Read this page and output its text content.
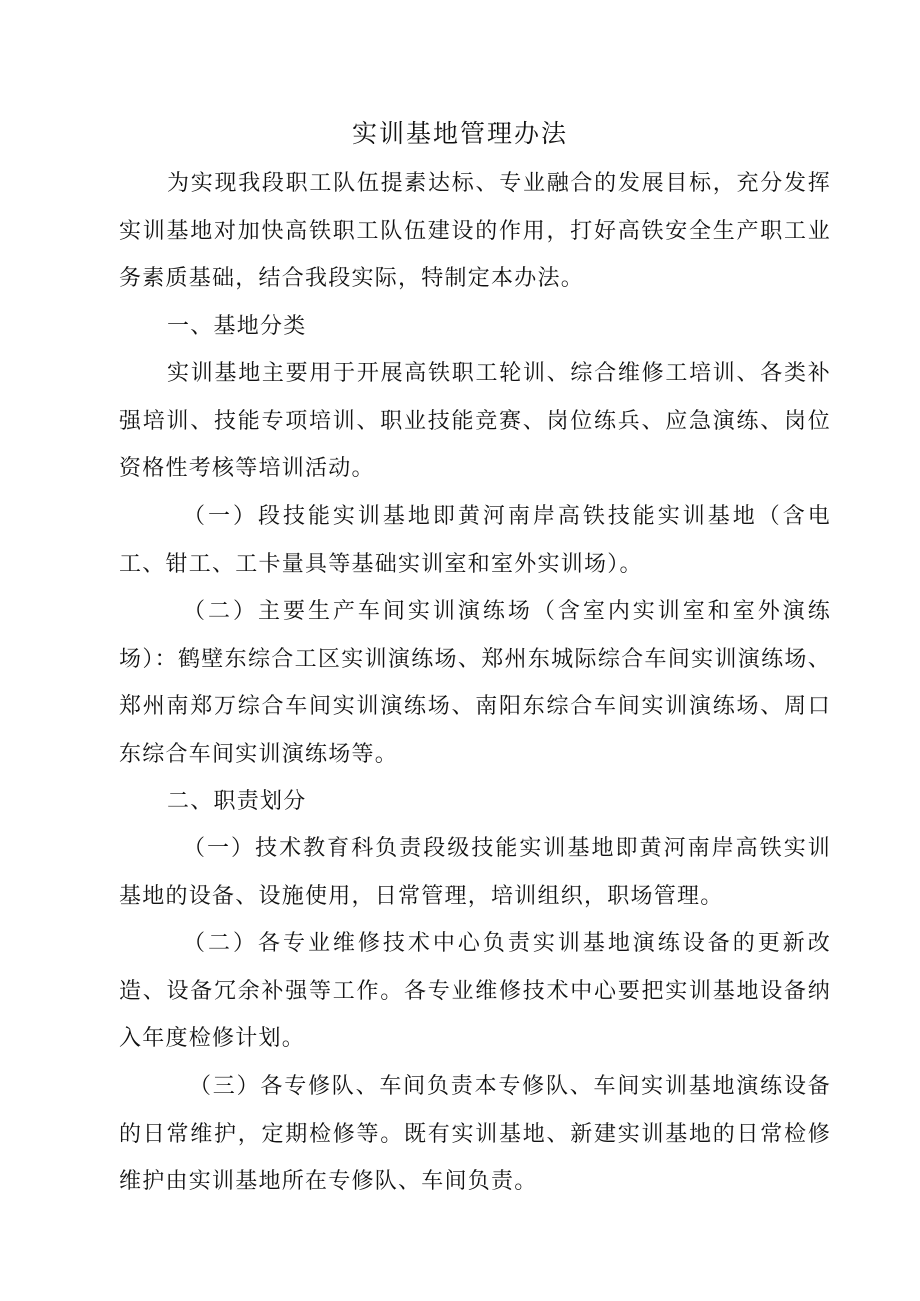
实训基地管理办法

为实现我段职工队伍提素达标、专业融合的发展目标，充分发挥实训基地对加快高铁职工队伍建设的作用，打好高铁安全生产职工业务素质基础，结合我段实际，特制定本办法。

一、基地分类

实训基地主要用于开展高铁职工轮训、综合维修工培训、各类补强培训、技能专项培训、职业技能竞赛、岗位练兵、应急演练、岗位资格性考核等培训活动。

（一）段技能实训基地即黄河南岸高铁技能实训基地（含电工、钳工、工卡量具等基础实训室和室外实训场）。

（二）主要生产车间实训演练场（含室内实训室和室外演练场）：鹤壁东综合工区实训演练场、郑州东城际综合车间实训演练场、郑州南郑万综合车间实训演练场、南阳东综合车间实训演练场、周口东综合车间实训演练场等。

二、职责划分

（一）技术教育科负责段级技能实训基地即黄河南岸高铁实训基地的设备、设施使用，日常管理，培训组织，职场管理。

（二）各专业维修技术中心负责实训基地演练设备的更新改造、设备冗余补强等工作。各专业维修技术中心要把实训基地设备纳入年度检修计划。

（三）各专修队、车间负责本专修队、车间实训基地演练设备的日常维护，定期检修等。既有实训基地、新建实训基地的日常检修维护由实训基地所在专修队、车间负责。
